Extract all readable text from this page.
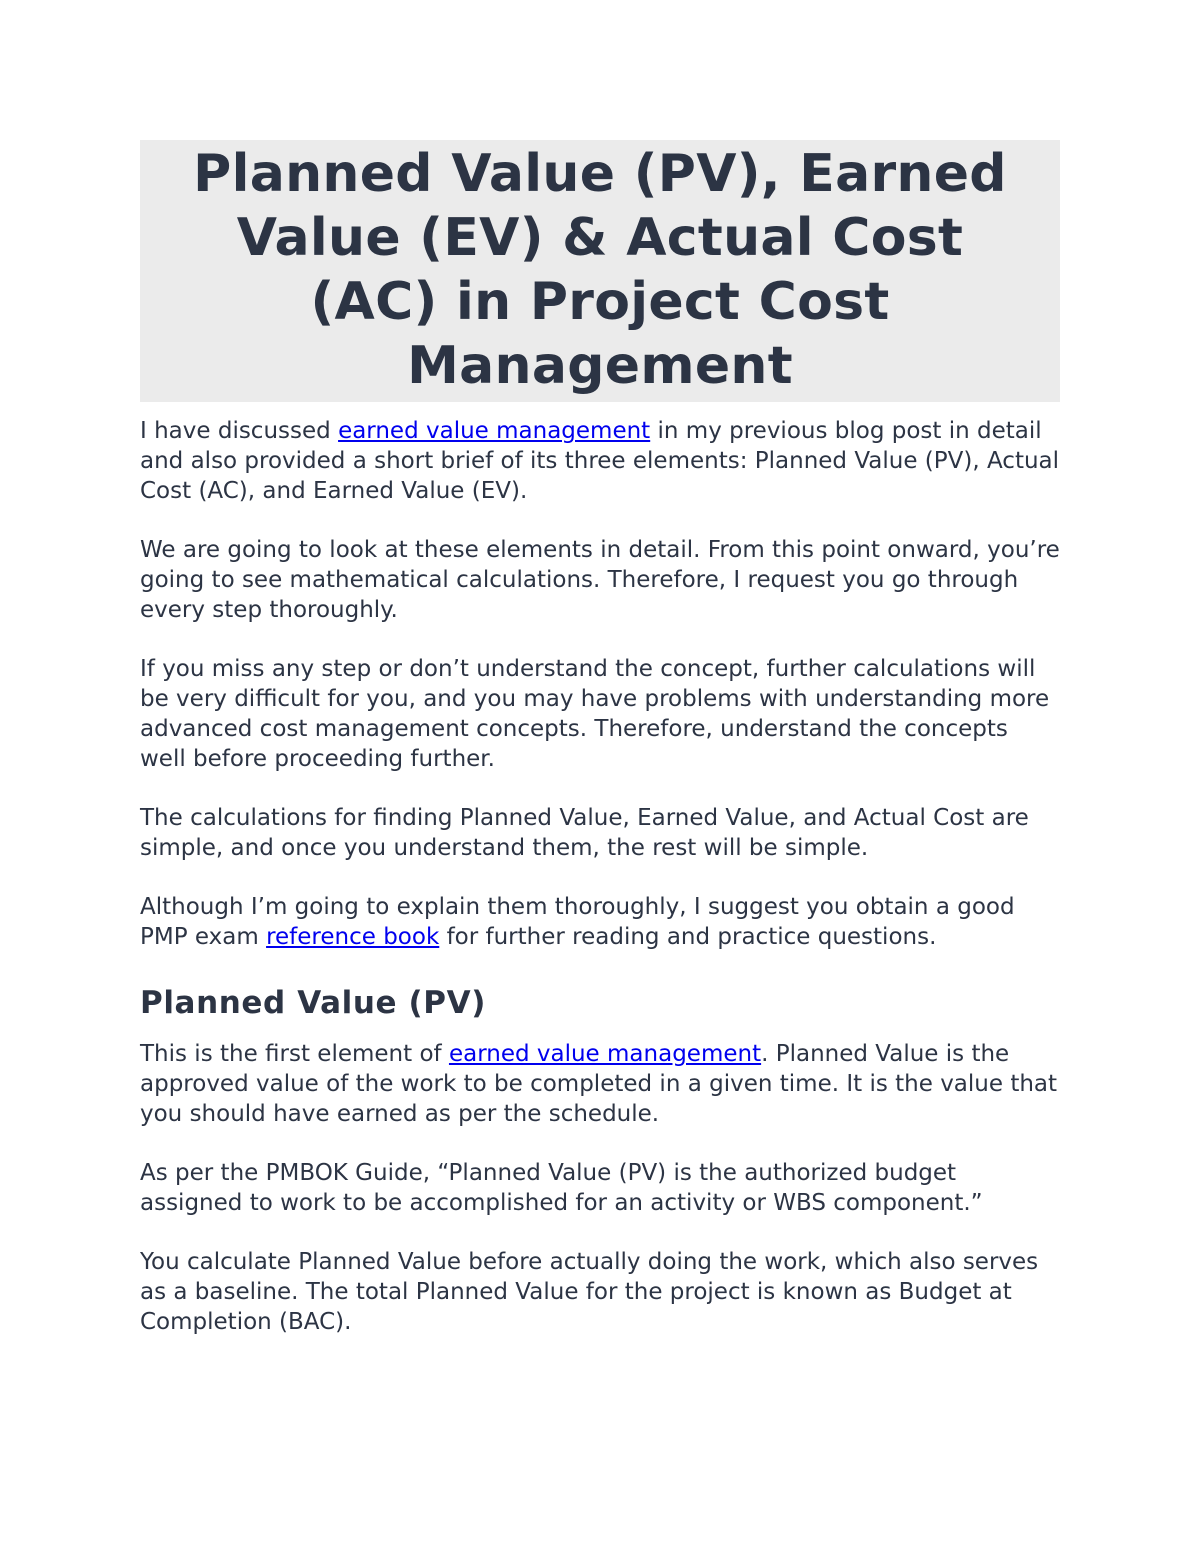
Planned Value (PV), Earned
Value (EV) & Actual Cost
(AC) in Project Cost
Management

I have discussed earned value management in my previous blog post in detail and also provided a short brief of its three elements: Planned Value (PV), Actual Cost (AC), and Earned Value (EV).

We are going to look at these elements in detail. From this point onward, you’re going to see mathematical calculations. Therefore, I request you go through every step thoroughly.

If you miss any step or don’t understand the concept, further calculations will be very difficult for you, and you may have problems with understanding more advanced cost management concepts. Therefore, understand the concepts well before proceeding further.

The calculations for finding Planned Value, Earned Value, and Actual Cost are simple, and once you understand them, the rest will be simple.

Although I’m going to explain them thoroughly, I suggest you obtain a good PMP exam reference book for further reading and practice questions.

Planned Value (PV)

This is the first element of earned value management. Planned Value is the approved value of the work to be completed in a given time. It is the value that you should have earned as per the schedule.

As per the PMBOK Guide, “Planned Value (PV) is the authorized budget assigned to work to be accomplished for an activity or WBS component.”

You calculate Planned Value before actually doing the work, which also serves as a baseline. The total Planned Value for the project is known as Budget at Completion (BAC).
